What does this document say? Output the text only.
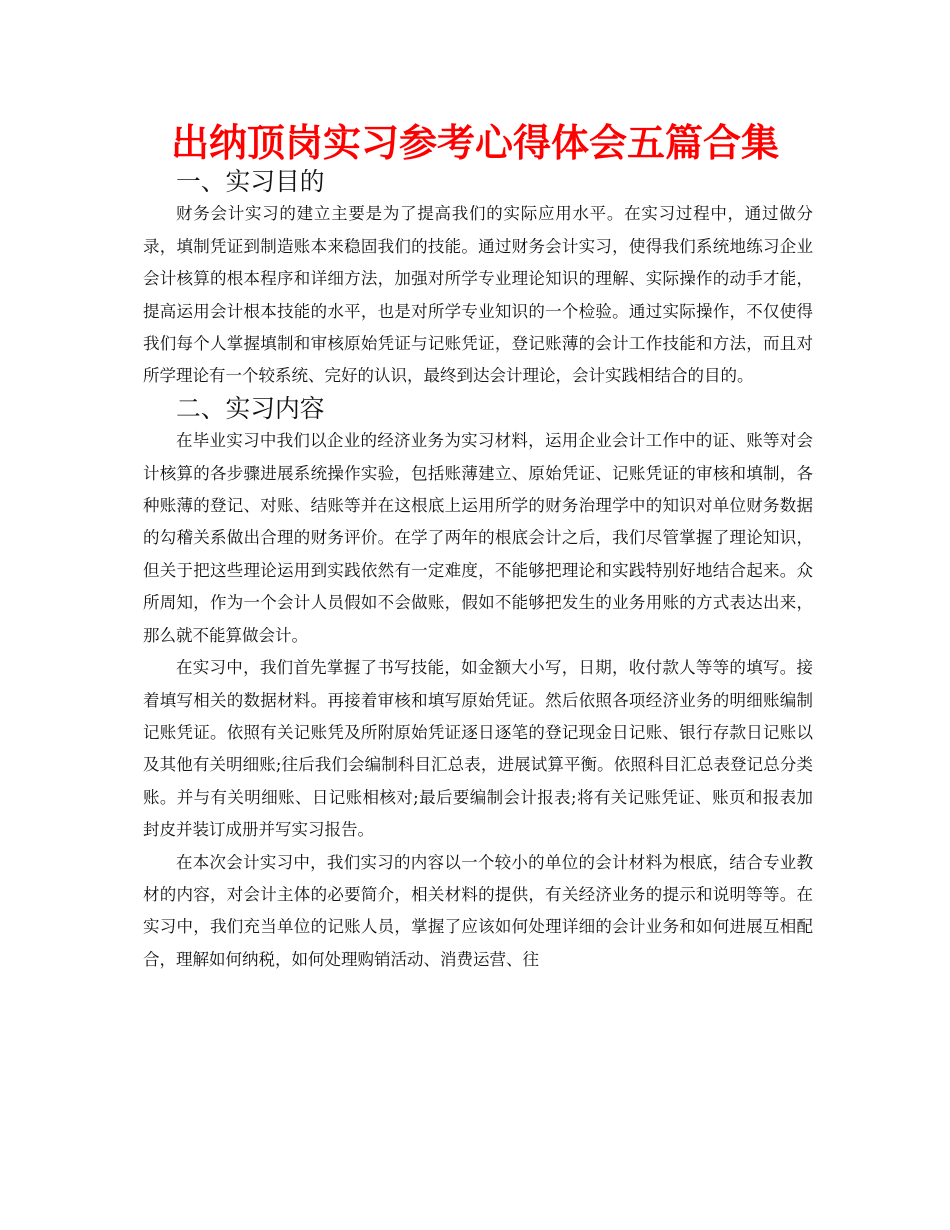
出纳顶岗实习参考心得体会五篇合集
一、实习目的

财务会计实习的建立主要是为了提高我们的实际应用水平。在实习过程中，通过做分录，填制凭证到制造账本来稳固我们的技能。通过财务会计实习，使得我们系统地练习企业会计核算的根本程序和详细方法，加强对所学专业理论知识的理解、实际操作的动手才能，提高运用会计根本技能的水平，也是对所学专业知识的一个检验。通过实际操作，不仅使得我们每个人掌握填制和审核原始凭证与记账凭证，登记账薄的会计工作技能和方法，而且对所学理论有一个较系统、完好的认识，最终到达会计理论，会计实践相结合的目的。

二、实习内容

在毕业实习中我们以企业的经济业务为实习材料，运用企业会计工作中的证、账等对会计核算的各步骤进展系统操作实验，包括账薄建立、原始凭证、记账凭证的审核和填制，各种账薄的登记、对账、结账等并在这根底上运用所学的财务治理学中的知识对单位财务数据的勾稽关系做出合理的财务评价。在学了两年的根底会计之后，我们尽管掌握了理论知识，但关于把这些理论运用到实践依然有一定难度，不能够把理论和实践特别好地结合起来。众所周知，作为一个会计人员假如不会做账，假如不能够把发生的业务用账的方式表达出来，那么就不能算做会计。

在实习中，我们首先掌握了书写技能，如金额大小写，日期，收付款人等等的填写。接着填写相关的数据材料。再接着审核和填写原始凭证。然后依照各项经济业务的明细账编制记账凭证。依照有关记账凭及所附原始凭证逐日逐笔的登记现金日记账、银行存款日记账以及其他有关明细账;往后我们会编制科目汇总表，进展试算平衡。依照科目汇总表登记总分类账。并与有关明细账、日记账相核对;最后要编制会计报表;将有关记账凭证、账页和报表加封皮并装订成册并写实习报告。

在本次会计实习中，我们实习的内容以一个较小的单位的会计材料为根底，结合专业教材的内容，对会计主体的必要简介，相关材料的提供，有关经济业务的提示和说明等等。在实习中，我们充当单位的记账人员，掌握了应该如何处理详细的会计业务和如何进展互相配合，理解如何纳税，如何处理购销活动、消费运营、往
